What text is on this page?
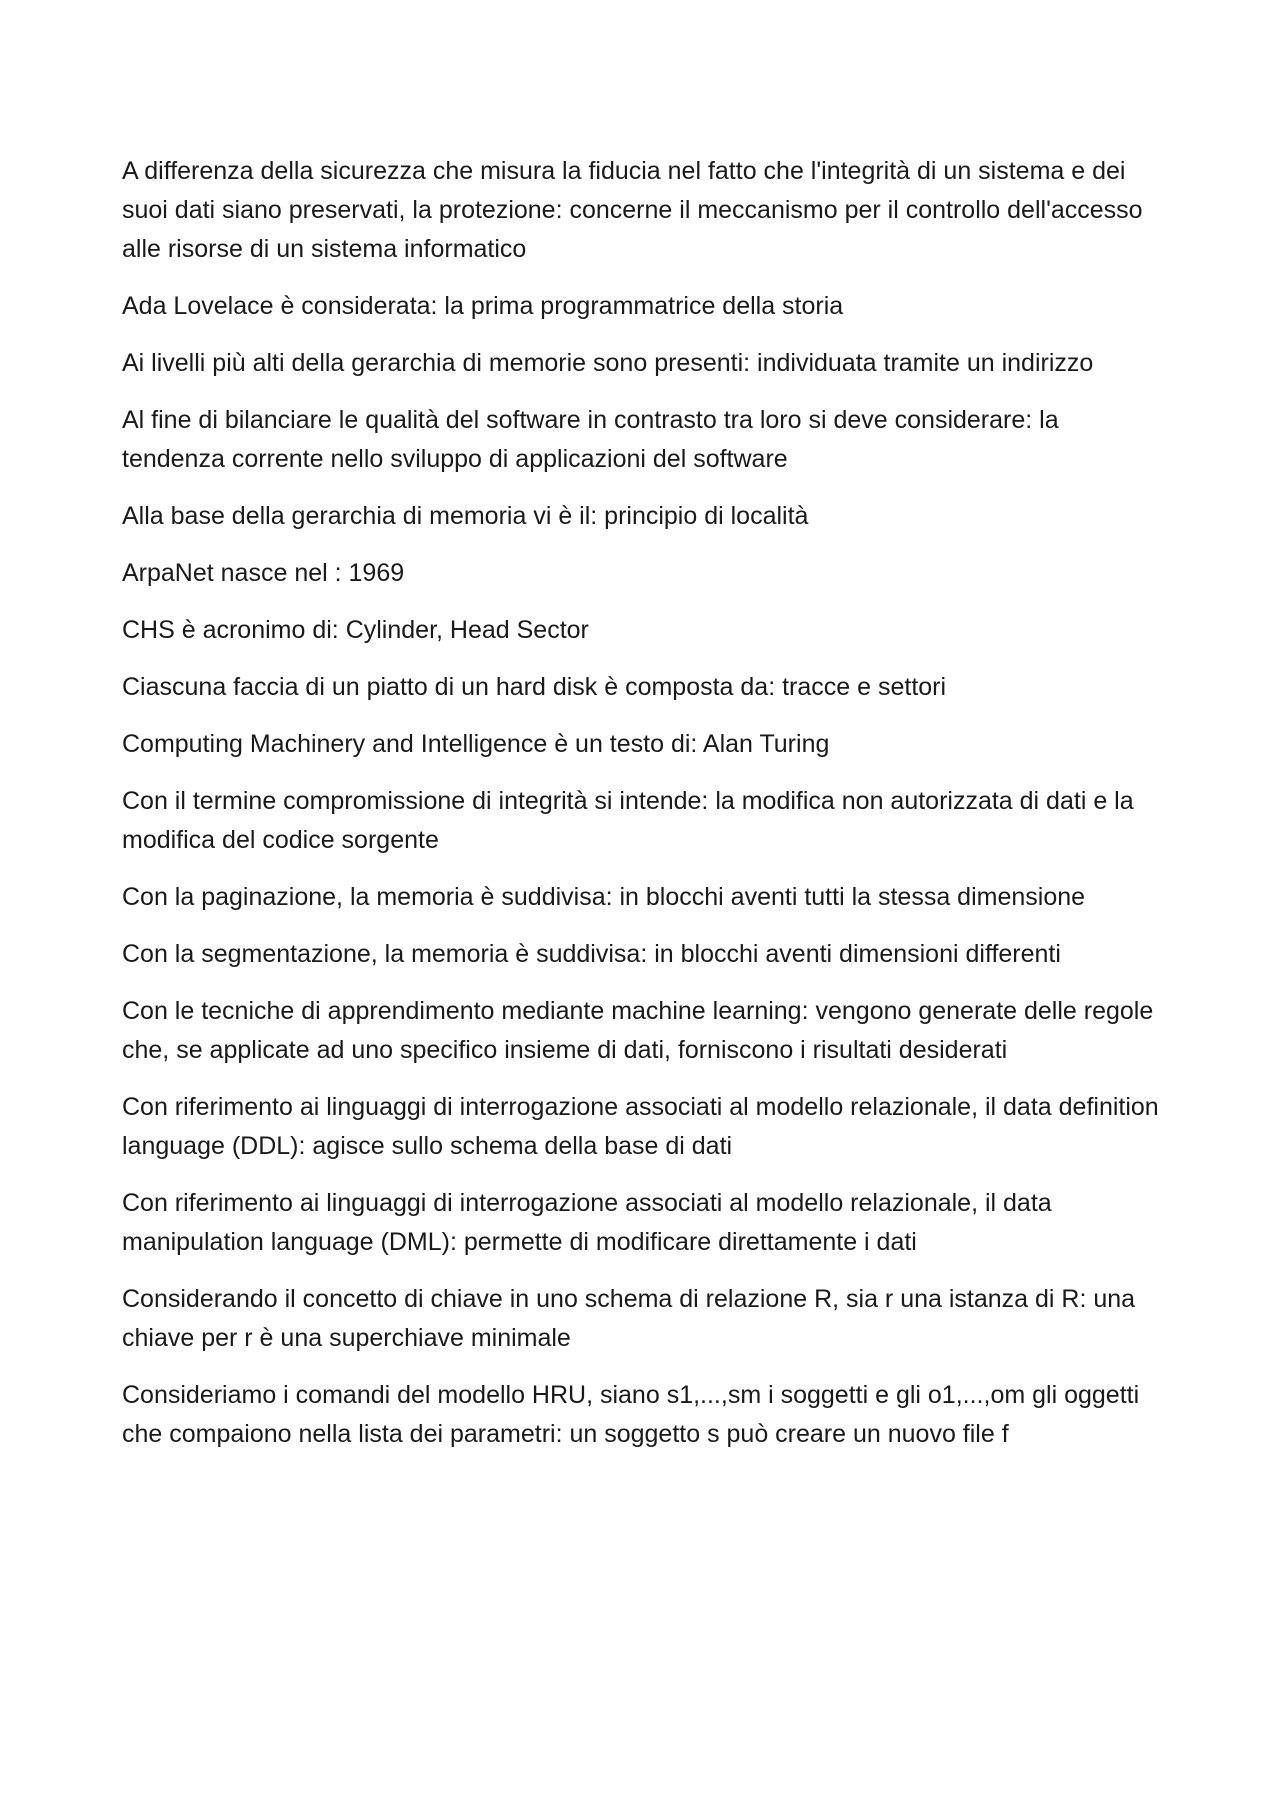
A differenza della sicurezza che misura la fiducia nel fatto che l'integrità di un sistema e dei suoi dati siano preservati, la protezione: concerne il meccanismo per il controllo dell'accesso alle risorse di un sistema informatico

Ada Lovelace è considerata: la prima programmatrice della storia

Ai livelli più alti della gerarchia di memorie sono presenti: individuata tramite un indirizzo

Al fine di bilanciare le qualità del software in contrasto tra loro si deve considerare: la tendenza corrente nello sviluppo di applicazioni del software

Alla base della gerarchia di memoria vi è il: principio di località

ArpaNet nasce nel : 1969

CHS è acronimo di: Cylinder, Head Sector

Ciascuna faccia di un piatto di un hard disk è composta da: tracce e settori

Computing Machinery and Intelligence è un testo di: Alan Turing

Con il termine compromissione di integrità si intende: la modifica non autorizzata di dati e la modifica del codice sorgente

Con la paginazione, la memoria è suddivisa: in blocchi aventi tutti la stessa dimensione

Con la segmentazione, la memoria è suddivisa: in blocchi aventi dimensioni differenti

Con le tecniche di apprendimento mediante machine learning: vengono generate delle regole che, se applicate ad uno specifico insieme di dati, forniscono i risultati desiderati

Con riferimento ai linguaggi di interrogazione associati al modello relazionale, il data definition language (DDL): agisce sullo schema della base di dati

Con riferimento ai linguaggi di interrogazione associati al modello relazionale, il data manipulation language (DML): permette di modificare direttamente i dati

Considerando il concetto di chiave in uno schema di relazione R, sia r una istanza di R: una chiave per r è una superchiave minimale

Consideriamo i comandi del modello HRU, siano s1,...,sm i soggetti e gli o1,...,om gli oggetti che compaiono nella lista dei parametri: un soggetto s può creare un nuovo file f
